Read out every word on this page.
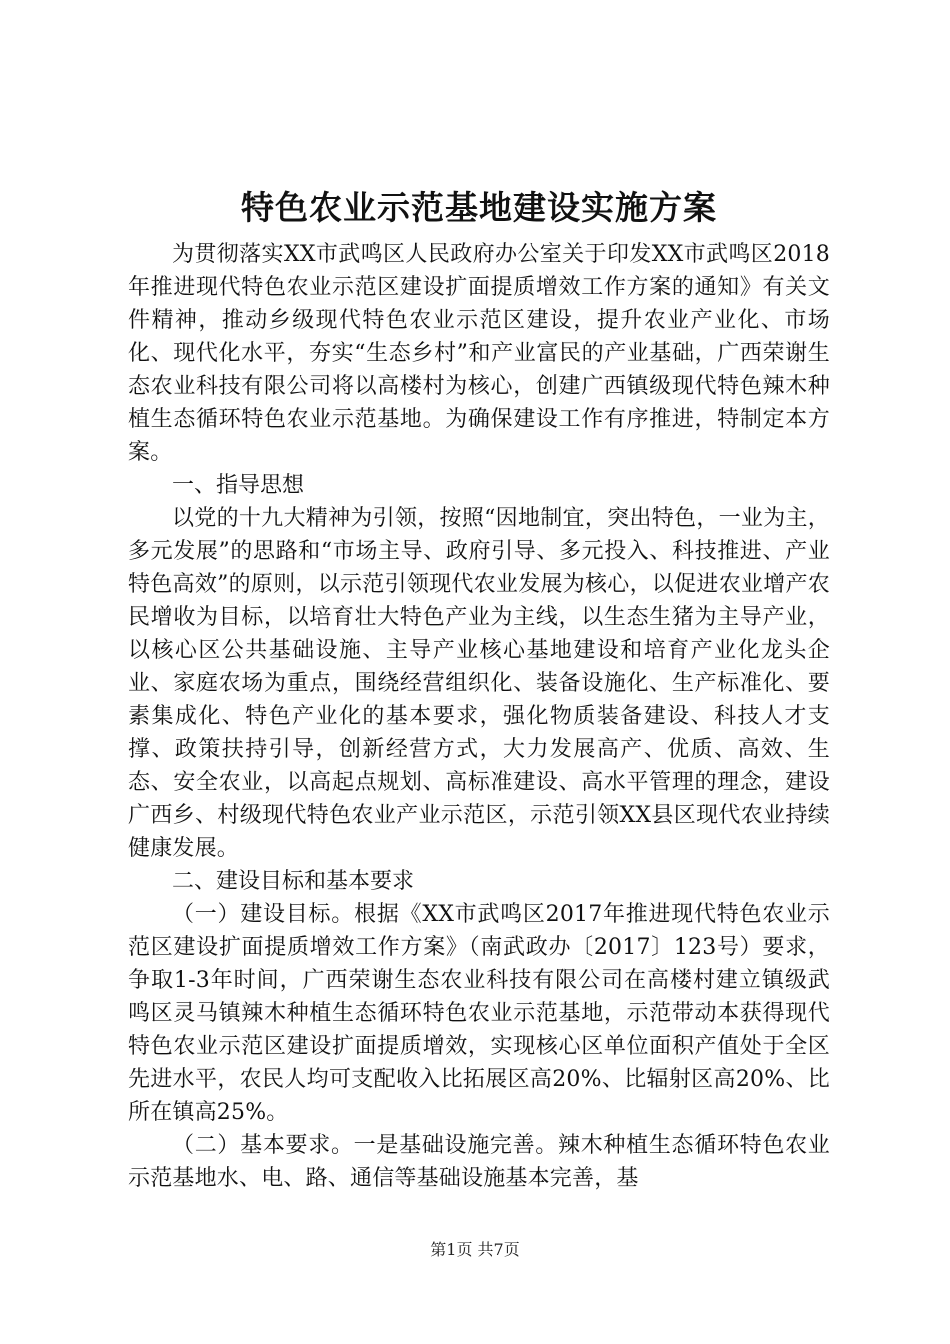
特色农业示范基地建设实施方案

为贯彻落实XX市武鸣区人民政府办公室关于印发XX市武鸣区2018年推进现代特色农业示范区建设扩面提质增效工作方案的通知》有关文件精神，推动乡级现代特色农业示范区建设，提升农业产业化、市场化、现代化水平，夯实“生态乡村”和产业富民的产业基础，广西荣谢生态农业科技有限公司将以高楼村为核心，创建广西镇级现代特色辣木种植生态循环特色农业示范基地。为确保建设工作有序推进，特制定本方案。

一、指导思想

以党的十九大精神为引领，按照“因地制宜，突出特色，一业为主，多元发展”的思路和“市场主导、政府引导、多元投入、科技推进、产业特色高效”的原则，以示范引领现代农业发展为核心，以促进农业增产农民增收为目标，以培育壮大特色产业为主线，以生态生猪为主导产业，以核心区公共基础设施、主导产业核心基地建设和培育产业化龙头企业、家庭农场为重点，围绕经营组织化、装备设施化、生产标准化、要素集成化、特色产业化的基本要求，强化物质装备建设、科技人才支撑、政策扶持引导，创新经营方式，大力发展高产、优质、高效、生态、安全农业，以高起点规划、高标准建设、高水平管理的理念，建设广西乡、村级现代特色农业产业示范区，示范引领XX县区现代农业持续健康发展。

二、建设目标和基本要求

（一）建设目标。根据《XX市武鸣区2017年推进现代特色农业示范区建设扩面提质增效工作方案》（南武政办〔2017〕123号）要求，争取1-3年时间，广西荣谢生态农业科技有限公司在高楼村建立镇级武鸣区灵马镇辣木种植生态循环特色农业示范基地，示范带动本获得现代特色农业示范区建设扩面提质增效，实现核心区单位面积产值处于全区先进水平，农民人均可支配收入比拓展区高20%、比辐射区高20%、比所在镇高25%。

（二）基本要求。一是基础设施完善。辣木种植生态循环特色农业示范基地水、电、路、通信等基础设施基本完善，基

第1页 共7页
